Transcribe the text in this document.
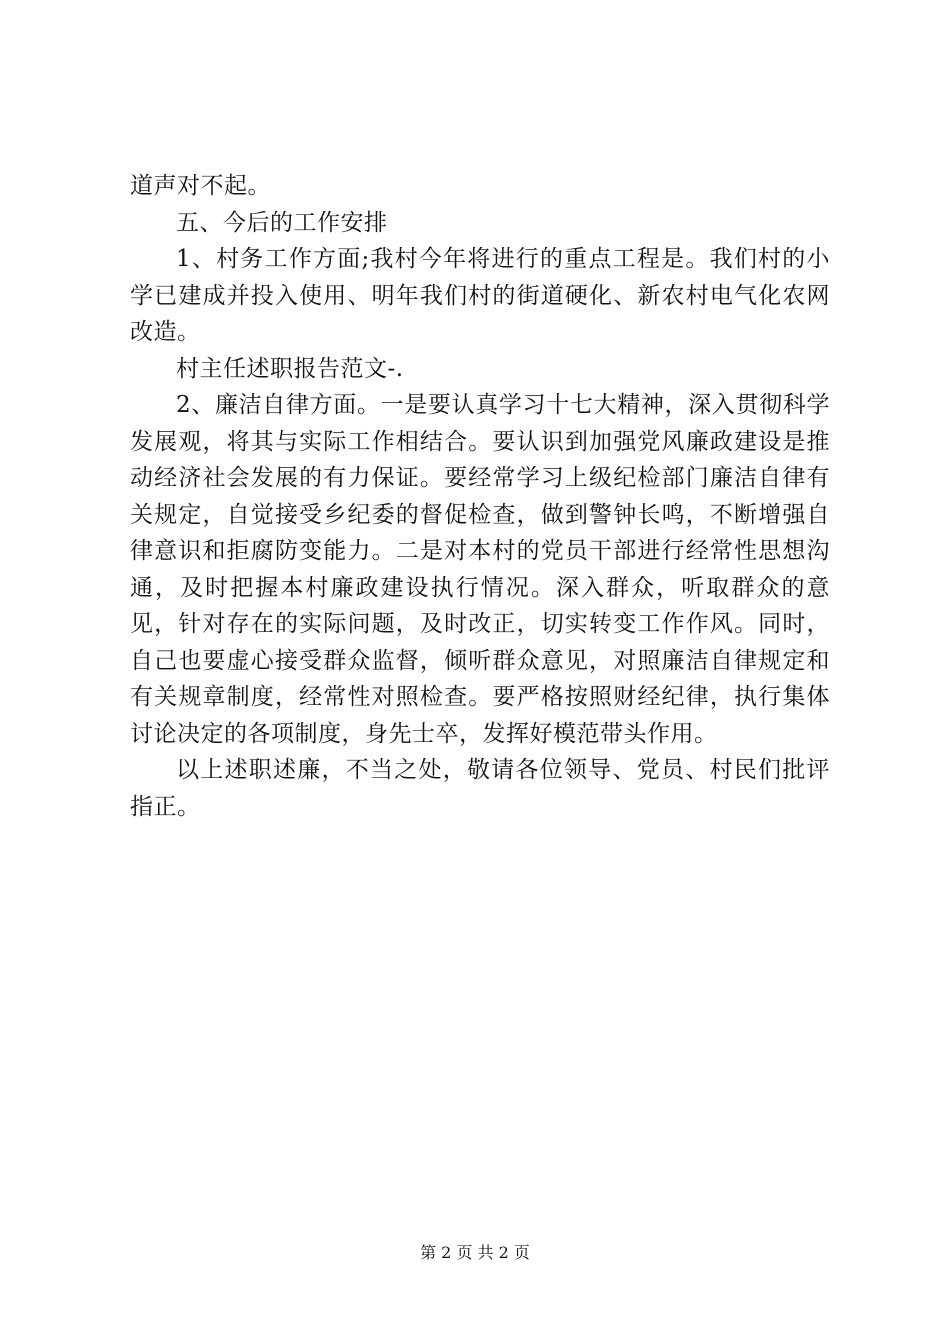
道声对不起。

五、今后的工作安排

1、村务工作方面;我村今年将进行的重点工程是。我们村的小学已建成并投入使用、明年我们村的街道硬化、新农村电气化农网改造。

村主任述职报告范文-.

2、廉洁自律方面。一是要认真学习十七大精神，深入贯彻科学发展观，将其与实际工作相结合。要认识到加强党风廉政建设是推动经济社会发展的有力保证。要经常学习上级纪检部门廉洁自律有关规定，自觉接受乡纪委的督促检查，做到警钟长鸣，不断增强自律意识和拒腐防变能力。二是对本村的党员干部进行经常性思想沟通，及时把握本村廉政建设执行情况。深入群众，听取群众的意见，针对存在的实际问题，及时改正，切实转变工作作风。同时，自己也要虚心接受群众监督，倾听群众意见，对照廉洁自律规定和有关规章制度，经常性对照检查。要严格按照财经纪律，执行集体讨论决定的各项制度，身先士卒，发挥好模范带头作用。

以上述职述廉，不当之处，敬请各位领导、党员、村民们批评指正。

第 2 页 共 2 页
